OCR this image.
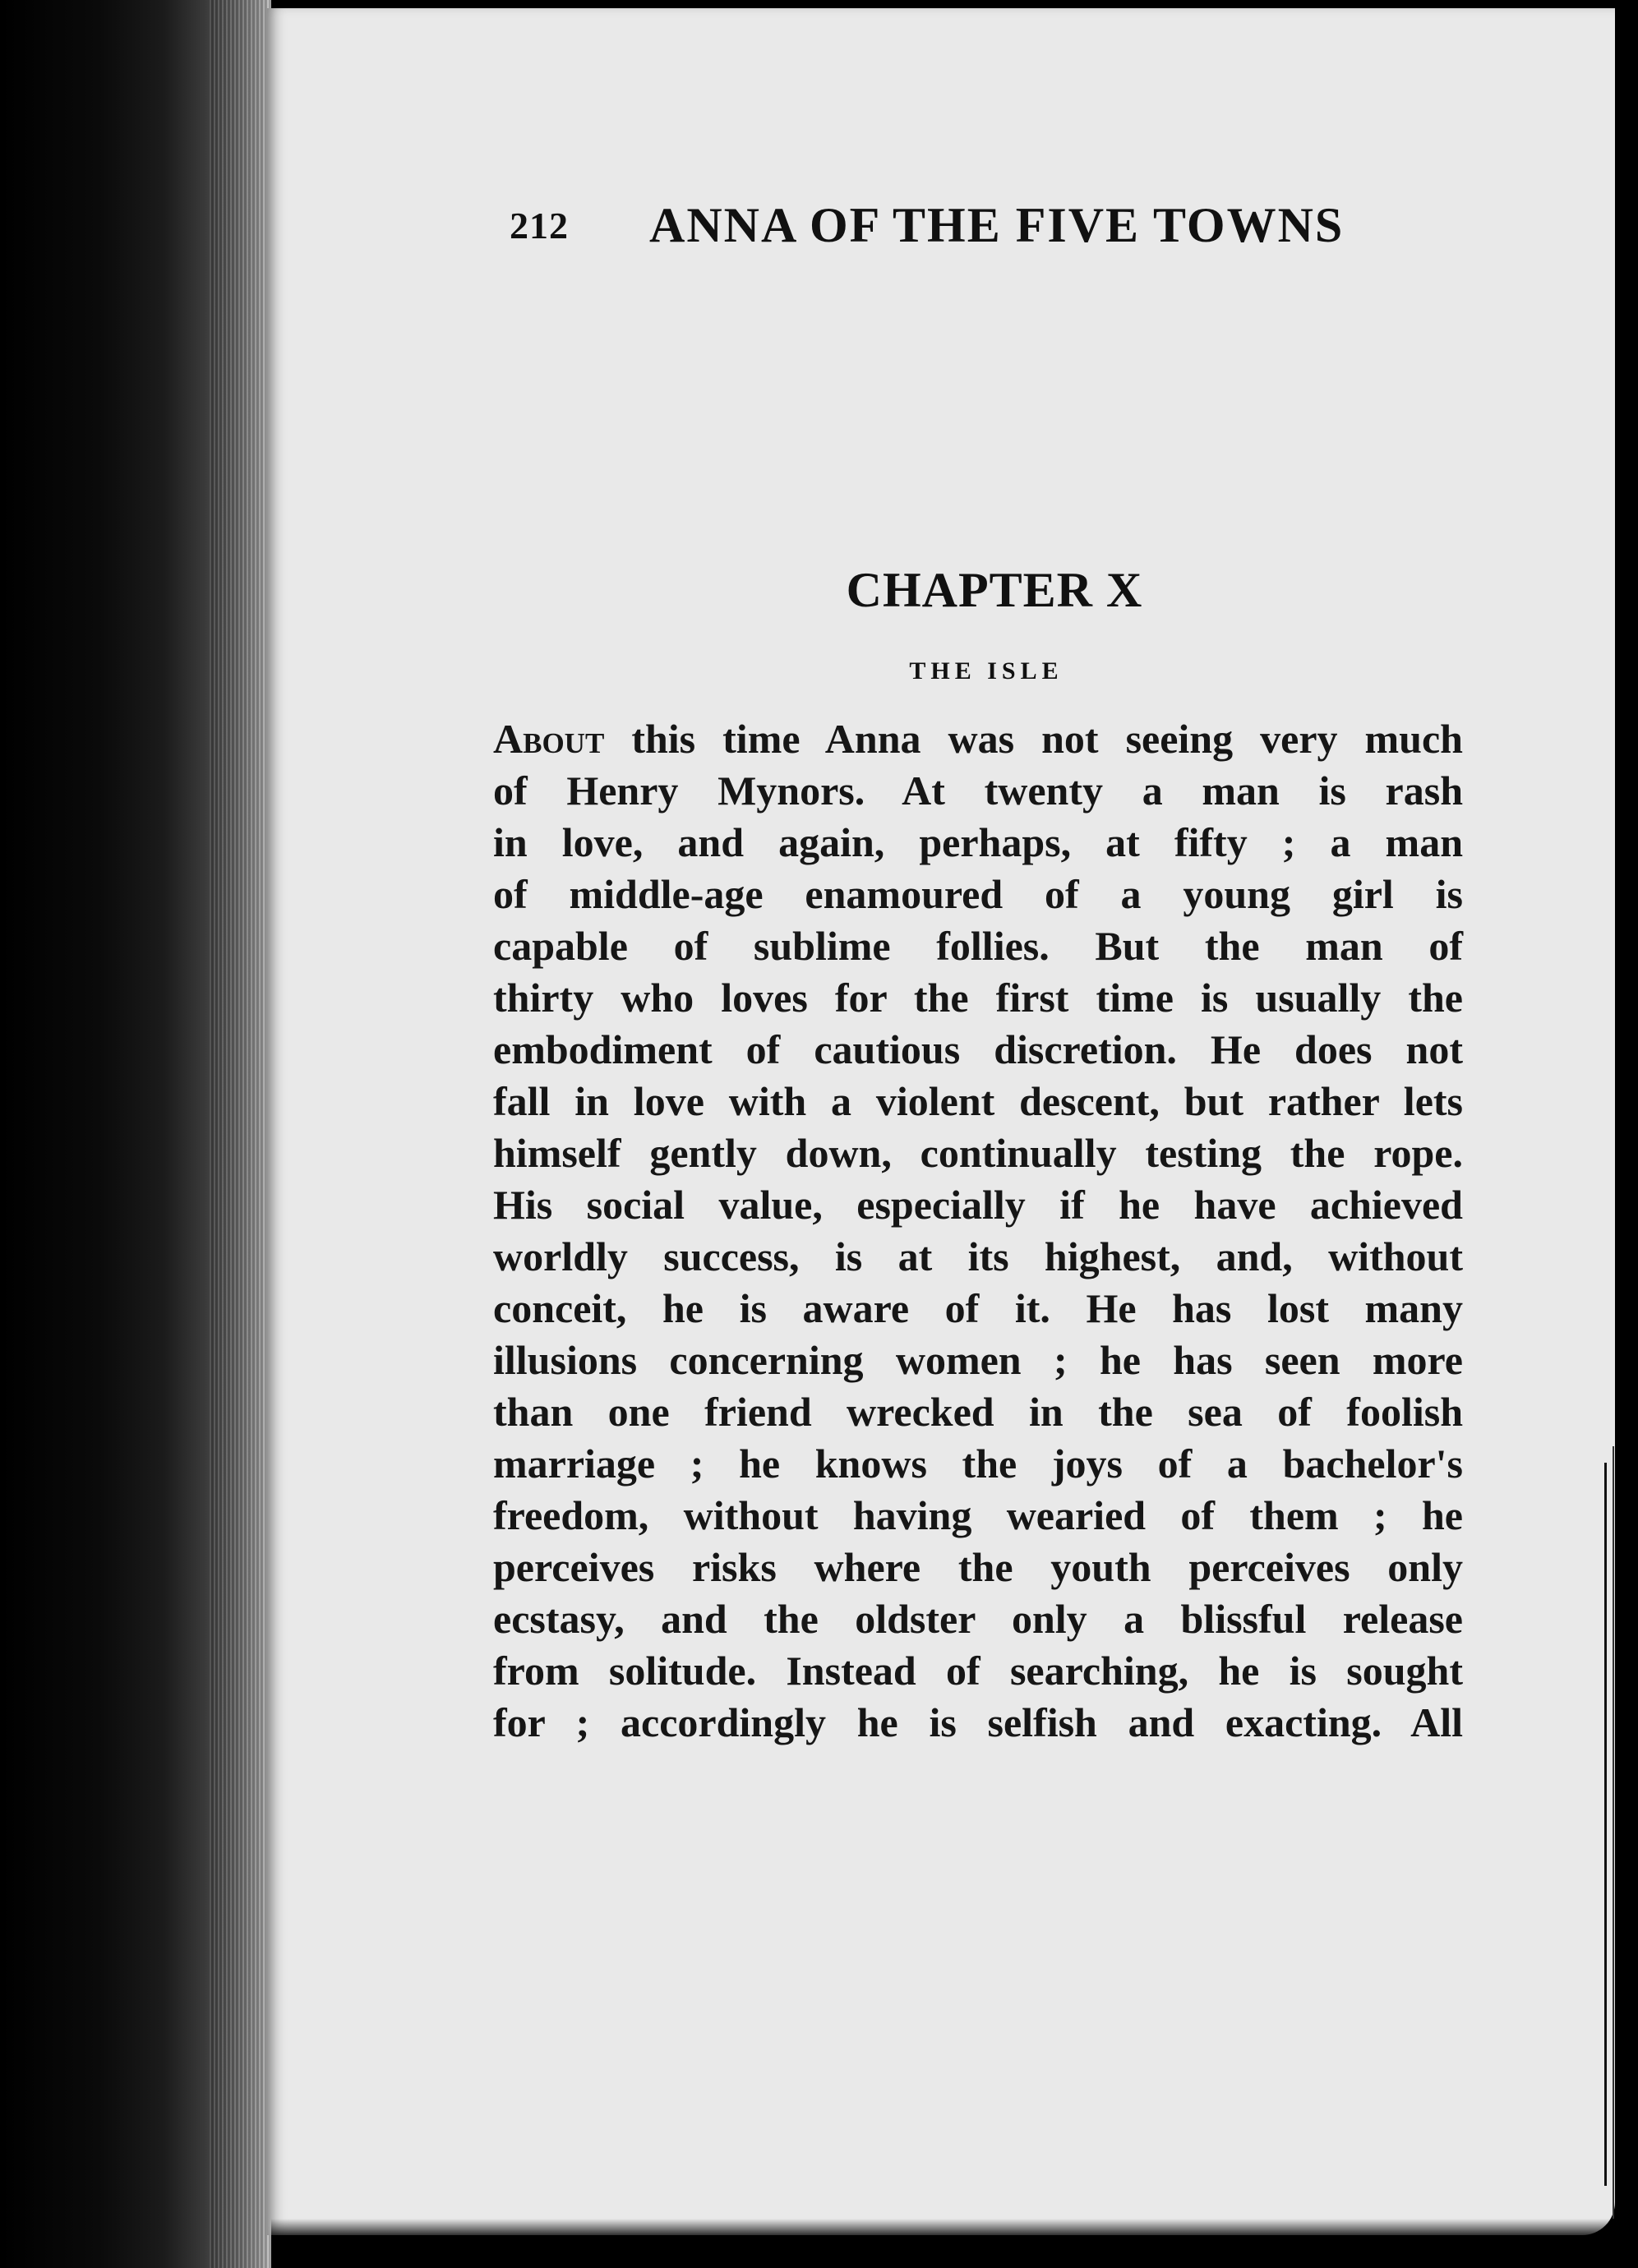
212 ANNA OF THE FIVE TOWNS
CHAPTER X
THE ISLE
About this time Anna was not seeing very much
of Henry Mynors. At twenty a man is rash
in love, and again, perhaps, at fifty ; a man
of middle-age enamoured of a young girl is
capable of sublime follies. But the man of
thirty who loves for the first time is usually the
embodiment of cautious discretion. He does not
fall in love with a violent descent, but rather lets
himself gently down, continually testing the rope.
His social value, especially if he have achieved
worldly success, is at its highest, and, without
conceit, he is aware of it. He has lost many
illusions concerning women ; he has seen more
than one friend wrecked in the sea of foolish
marriage ; he knows the joys of a bachelor's
freedom, without having wearied of them ; he
perceives risks where the youth perceives only
ecstasy, and the oldster only a blissful release
from solitude. Instead of searching, he is sought
for ; accordingly he is selfish and exacting. All
